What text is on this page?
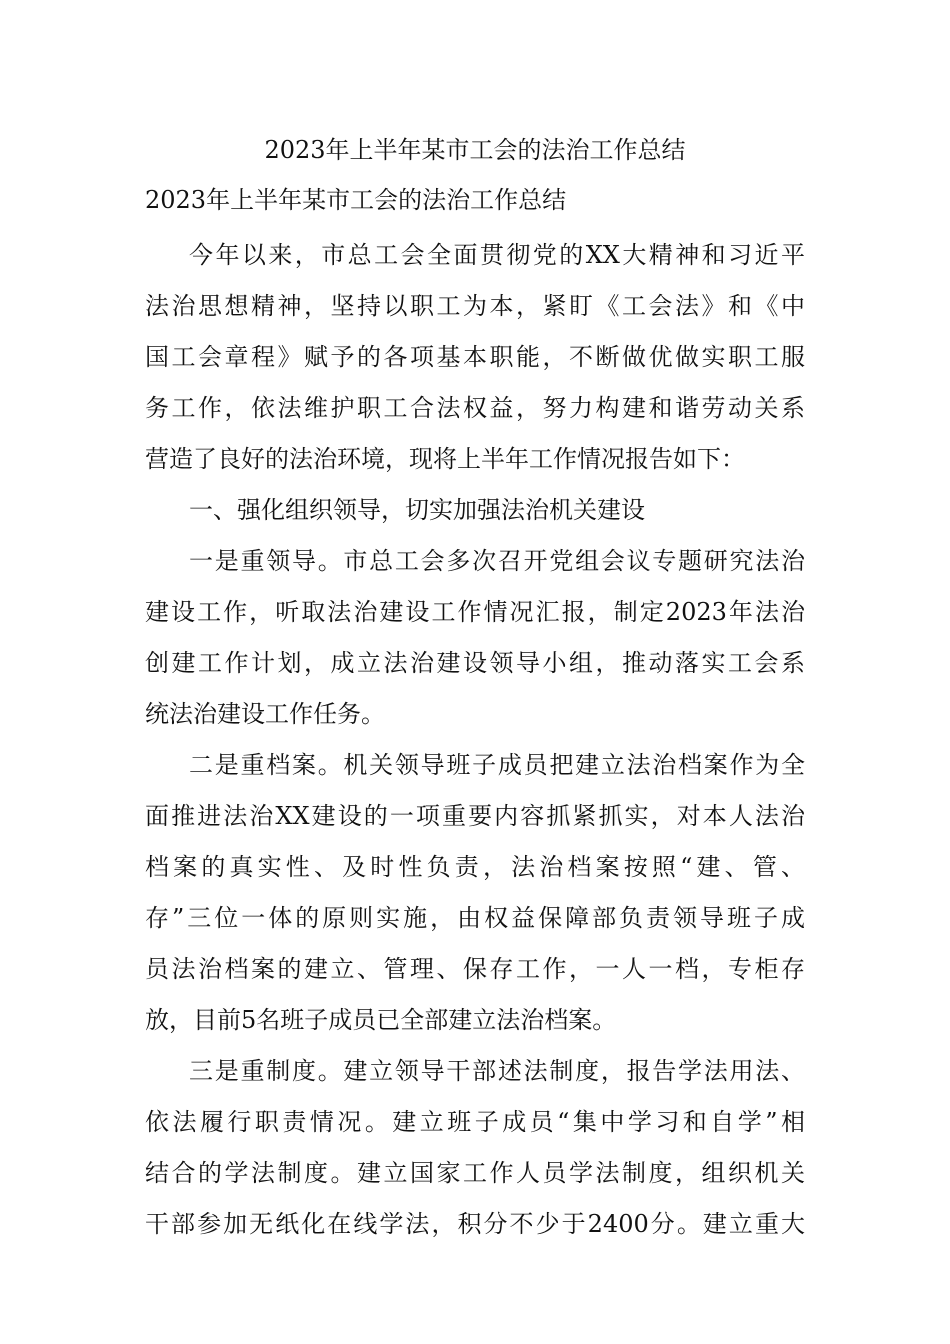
2023年上半年某市工会的法治工作总结
2023年上半年某市工会的法治工作总结
今年以来，市总工会全面贯彻党的XX大精神和习近平
法治思想精神，坚持以职工为本，紧盯《工会法》和《中
国工会章程》赋予的各项基本职能，不断做优做实职工服
务工作，依法维护职工合法权益，努力构建和谐劳动关系
营造了良好的法治环境，现将上半年工作情况报告如下：
一、强化组织领导，切实加强法治机关建设
一是重领导。市总工会多次召开党组会议专题研究法治
建设工作，听取法治建设工作情况汇报，制定2023年法治
创建工作计划，成立法治建设领导小组，推动落实工会系
统法治建设工作任务。
二是重档案。机关领导班子成员把建立法治档案作为全
面推进法治XX建设的一项重要内容抓紧抓实，对本人法治
档案的真实性、及时性负责，法治档案按照“建、管、
存”三位一体的原则实施，由权益保障部负责领导班子成
员法治档案的建立、管理、保存工作，一人一档，专柜存
放，目前5名班子成员已全部建立法治档案。
三是重制度。建立领导干部述法制度，报告学法用法、
依法履行职责情况。建立班子成员“集中学习和自学”相
结合的学法制度。建立国家工作人员学法制度，组织机关
干部参加无纸化在线学法，积分不少于2400分。建立重大
